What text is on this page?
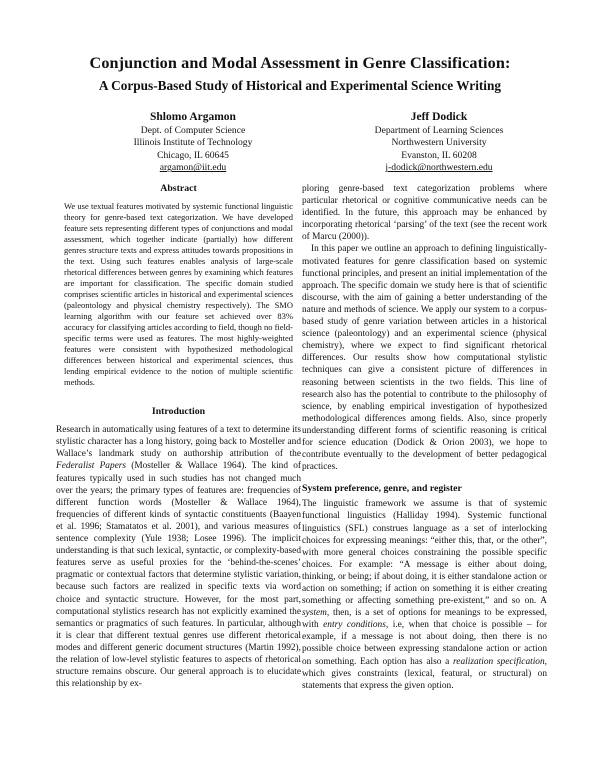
Conjunction and Modal Assessment in Genre Classification:
A Corpus-Based Study of Historical and Experimental Science Writing
Shlomo Argamon
Dept. of Computer Science
Illinois Institute of Technology
Chicago, IL 60645
argamon@iit.edu
Jeff Dodick
Department of Learning Sciences
Northwestern University
Evanston, IL 60208
j-dodick@northwestern.edu
Abstract
We use textual features motivated by systemic functional linguistic theory for genre-based text categorization. We have developed feature sets representing different types of conjunctions and modal assessment, which together indicate (partially) how different genres structure texts and express attitudes towards propositions in the text. Using such features enables analysis of large-scale rhetorical differences between genres by examining which features are important for classification. The specific domain studied comprises scientific articles in historical and experimental sciences (paleontology and physical chemistry respectively). The SMO learning algorithm with our feature set achieved over 83% accuracy for classifying articles according to field, though no field-specific terms were used as features. The most highly-weighted features were consistent with hypothesized methodological differences between historical and experimental sciences, thus lending empirical evidence to the notion of multiple scientific methods.
Introduction

Research in automatically using features of a text to determine its stylistic character has a long history, going back to Mosteller and Wallace’s landmark study on authorship attribution of the Federalist Papers (Mosteller & Wallace 1964). The kind of features typically used in such studies has not changed much over the years; the primary types of features are: frequencies of different function words (Mosteller & Wallace 1964), frequencies of different kinds of syntactic constituents (Baayen et al. 1996; Stamatatos et al. 2001), and various measures of sentence complexity (Yule 1938; Losee 1996). The implicit understanding is that such lexical, syntactic, or complexity-based features serve as useful proxies for the ‘behind-the-scenes’ pragmatic or contextual factors that determine stylistic variation, because such factors are realized in specific texts via word choice and syntactic structure. However, for the most part, computational stylistics research has not explicitly examined the semantics or pragmatics of such features. In particular, although it is clear that different textual genres use different rhetorical modes and different generic document structures (Martin 1992), the relation of low-level stylistic features to aspects of rhetorical structure remains obscure. Our general approach is to elucidate this relationship by ex-

ploring genre-based text categorization problems where particular rhetorical or cognitive communicative needs can be identified. In the future, this approach may be enhanced by incorporating rhetorical ‘parsing’ of the text (see the recent work of Marcu (2000)).

In this paper we outline an approach to defining linguistically-motivated features for genre classification based on systemic functional principles, and present an initial implementation of the approach. The specific domain we study here is that of scientific discourse, with the aim of gaining a better understanding of the nature and methods of science. We apply our system to a corpus-based study of genre variation between articles in a historical science (paleontology) and an experimental science (physical chemistry), where we expect to find significant rhetorical differences. Our results show how computational stylistic techniques can give a consistent picture of differences in reasoning between scientists in the two fields. This line of research also has the potential to contribute to the philosophy of science, by enabling empirical investigation of hypothesized methodological differences among fields. Also, since properly understanding different forms of scientific reasoning is critical for science education (Dodick & Orion 2003), we hope to contribute eventually to the development of better pedagogical practices.

System preference, genre, and register

The linguistic framework we assume is that of systemic functional linguistics (Halliday 1994). Systemic functional linguistics (SFL) construes language as a set of interlocking choices for expressing meanings: “either this, that, or the other”, with more general choices constraining the possible specific choices. For example: “A message is either about doing, thinking, or being; if about doing, it is either standalone action or action on something; if action on something it is either creating something or affecting something pre-existent,” and so on. A system, then, is a set of options for meanings to be expressed, with entry conditions, i.e, when that choice is possible – for example, if a message is not about doing, then there is no possible choice between expressing standalone action or action on something. Each option has also a realization specification, which gives constraints (lexical, featural, or structural) on statements that express the given option.
